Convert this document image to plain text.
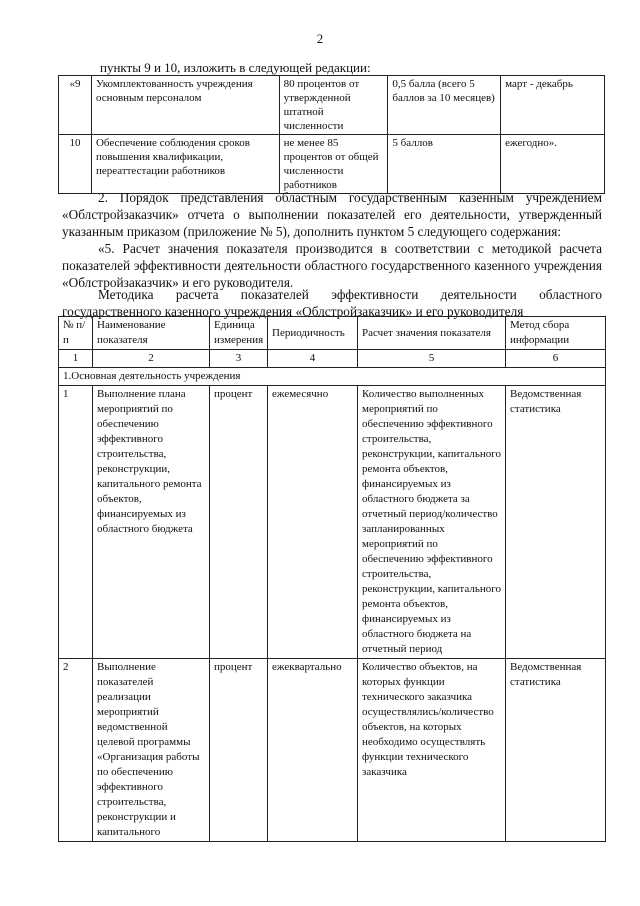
2
пункты 9 и 10, изложить в следующей редакции:
«9	Укомплектованность учреждения основным персоналом	80 процентов от утвержденной штатной численности	0,5 балла (всего 5 баллов за 10 месяцев)	март - декабрь
10	Обеспечение соблюдения сроков повышения квалификации, переаттестации работников	не менее 85 процентов от общей численности работников	5 баллов	ежегодно».
2. Порядок представления областным государственным казенным учреждением «Облстройзаказчик» отчета о выполнении показателей его деятельности, утвержденный указанным приказом (приложение № 5), дополнить пунктом 5 следующего содержания:
«5. Расчет значения показателя производится в соответствии с методикой расчета показателей эффективности деятельности областного государственного казенного учреждения «Облстройзаказчик» и его руководителя.
Методика расчета показателей эффективности деятельности областного государственного казенного учреждения «Облстройзаказчик» и его руководителя
№ п/п	Наименование показателя	Единица измерения	Периодичность	Расчет значения показателя	Метод сбора информации
1	2	3	4	5	6
1.Основная деятельность учреждения					
1	Выполнение плана мероприятий по обеспечению эффективного строительства, реконструкции, капитального ремонта объектов, финансируемых из областного бюджета	процент	ежемесячно	Количество выполненных мероприятий по обеспечению эффективного строительства, реконструкции, капитального ремонта объектов, финансируемых из областного бюджета за отчетный период/количество запланированных мероприятий по обеспечению эффективного строительства, реконструкции, капитального ремонта объектов, финансируемых из областного бюджета на отчетный период	Ведомственная статистика
2	Выполнение показателей реализации мероприятий ведомственной целевой программы «Организация работы по обеспечению эффективного строительства, реконструкции и капитального	процент	ежеквартально	Количество объектов, на которых функции технического заказчика осуществлялись/количество объектов, на которых необходимо осуществлять функции технического заказчика	Ведомственная статистика
